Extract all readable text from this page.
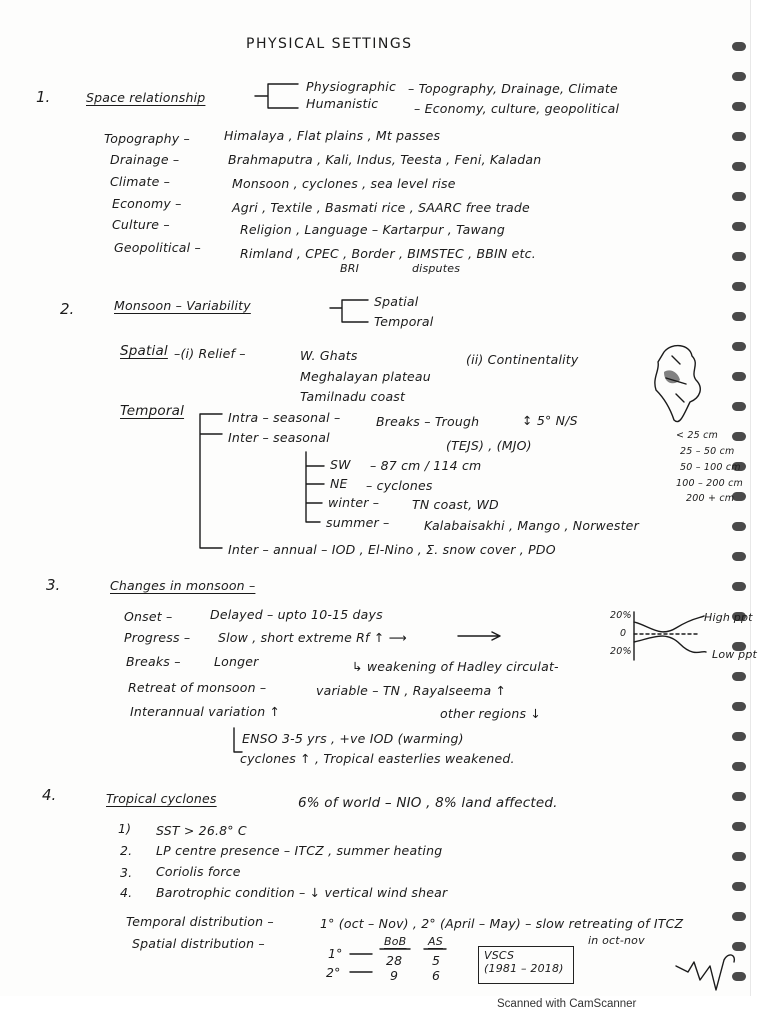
PHYSICAL SETTINGS
1.	Space relationship
Physiographic – Topography, Drainage, Climate
Humanistic	– Economy, culture, geopolitical
Topography –	Himalaya , Flat plains , Mt passes
Drainage –	Brahmaputra , Kali, Indus, Teesta , Feni, Kaladan
Climate –	Monsoon , cyclones , sea level rise
Economy –	Agri , Textile , Basmati rice , SAARC free trade
Culture –	Religion , Language – Kartarpur , Tawang
Geopolitical –	Rimland , CPEC , Border , BIMSTEC , BBIN etc.
BRI	disputes
2.	Monsoon – Variability	Spatial
Temporal
Spatial –(i) Relief –	W. Ghats
Meghalayan plateau
Tamilnadu coast
(ii) Continentality
Temporal	Intra – seasonal –	Breaks – Trough	↕ 5° N/S
Inter – seasonal
(TEJS) , (MJO)
SW – 87 cm / 114 cm
NE – cyclones
winter –	TN coast, WD
summer –	Kalabaisakhi , Mango , Norwester
Inter – annual – IOD , El-Nino , Σ. snow cover , PDO
< 25 cm
25 – 50 cm
50 – 100 cm
100 – 200 cm
200 + cm
3.	Changes in monsoon –
Onset –	Delayed – upto 10-15 days
Progress – Slow , short extreme Rf ↑ ⟶
Breaks –	Longer	↳ weakening of Hadley circulat-
Retreat of monsoon –	variable – TN , Rayalseema ↑
Interannual variation ↑	other regions ↓
ENSO 3-5 yrs , +ve IOD (warming)
cyclones ↑ , Tropical easterlies weakened.
20%
0
20%
High ppt
Low ppt
4.	Tropical cyclones	6% of world – NIO , 8% land affected.
1) SST > 26.8° C
2. LP centre presence – ITCZ , summer heating
3. Coriolis force
4. Barotrophic condition – ↓ vertical wind shear
Temporal distribution –	1° (oct – Nov) , 2° (April – May) – slow retreating of ITCZ
in oct-nov
Spatial distribution –	BoB AS
1°	28 5
2°	9	6
VSCS
(1981 – 2018)
Scanned with CamScanner
